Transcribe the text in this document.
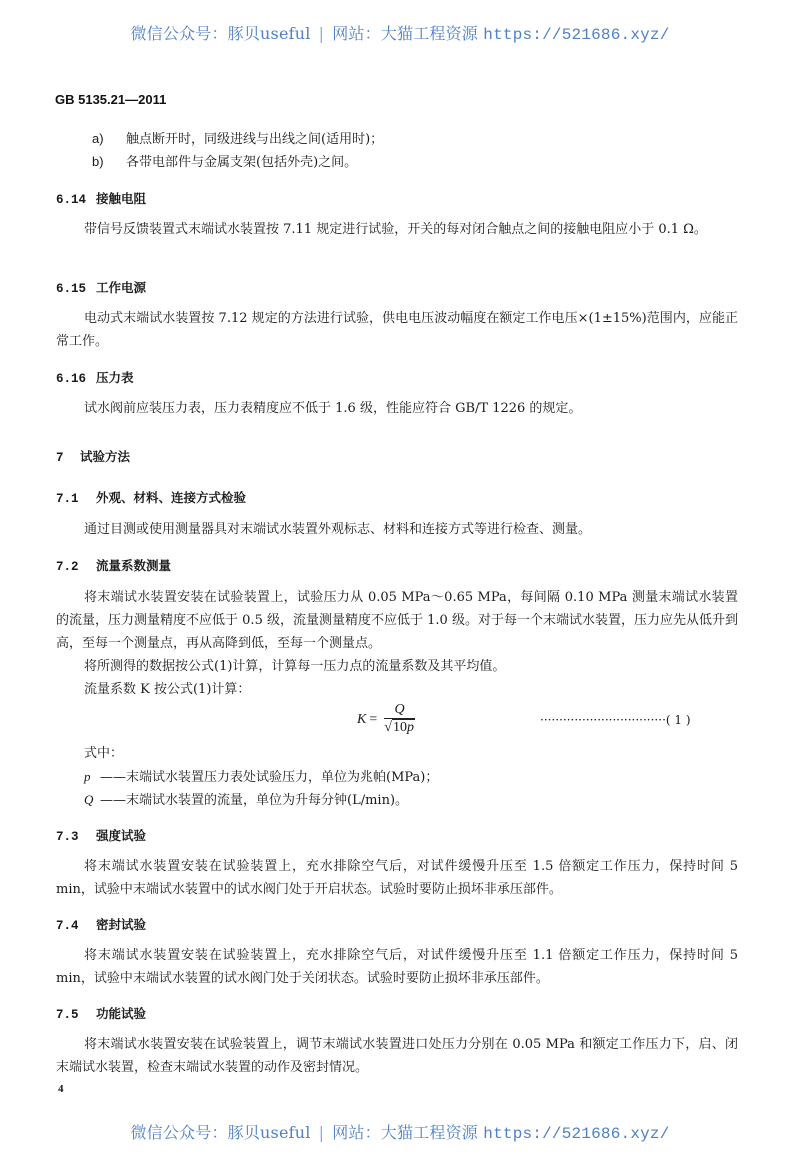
微信公众号：豚贝useful | 网站：大猫工程资源 https://521686.xyz/
GB 5135.21—2011
a) 触点断开时，同级进线与出线之间(适用时)；
b) 各带电部件与金属支架(包括外壳)之间。
6.14 接触电阻
带信号反馈装置式末端试水装置按 7.11 规定进行试验，开关的每对闭合触点之间的接触电阻应小于 0.1 Ω。
6.15 工作电源
电动式末端试水装置按 7.12 规定的方法进行试验，供电电压波动幅度在额定工作电压×(1±15%)范围内，应能正常工作。
6.16 压力表
试水阀前应装压力表，压力表精度应不低于 1.6 级，性能应符合 GB/T 1226 的规定。
7 试验方法
7.1 外观、材料、连接方式检验
通过目测或使用测量器具对末端试水装置外观标志、材料和连接方式等进行检查、测量。
7.2 流量系数测量
将末端试水装置安装在试验装置上，试验压力从 0.05 MPa～0.65 MPa，每间隔 0.10 MPa 测量末端试水装置的流量，压力测量精度不应低于 0.5 级，流量测量精度不应低于 1.0 级。对于每一个末端试水装置，压力应先从低升到高，至每一个测量点，再从高降到低，至每一个测量点。
将所测得的数据按公式(1)计算，计算每一压力点的流量系数及其平均值。
流量系数 K 按公式(1)计算：
$K = \frac{Q}{√10p}$	·································( 1 )
式中：
p ——末端试水装置压力表处试验压力，单位为兆帕(MPa)；
Q ——末端试水装置的流量，单位为升每分钟(L/min)。
7.3 强度试验
将末端试水装置安装在试验装置上，充水排除空气后，对试件缓慢升压至 1.5 倍额定工作压力，保持时间 5 min，试验中末端试水装置中的试水阀门处于开启状态。试验时要防止损坏非承压部件。
7.4 密封试验
将末端试水装置安装在试验装置上，充水排除空气后，对试件缓慢升压至 1.1 倍额定工作压力，保持时间 5 min，试验中末端试水装置的试水阀门处于关闭状态。试验时要防止损坏非承压部件。
7.5 功能试验
将末端试水装置安装在试验装置上，调节末端试水装置进口处压力分别在 0.05 MPa 和额定工作压力下，启、闭末端试水装置，检查末端试水装置的动作及密封情况。
4
微信公众号：豚贝useful | 网站：大猫工程资源 https://521686.xyz/
